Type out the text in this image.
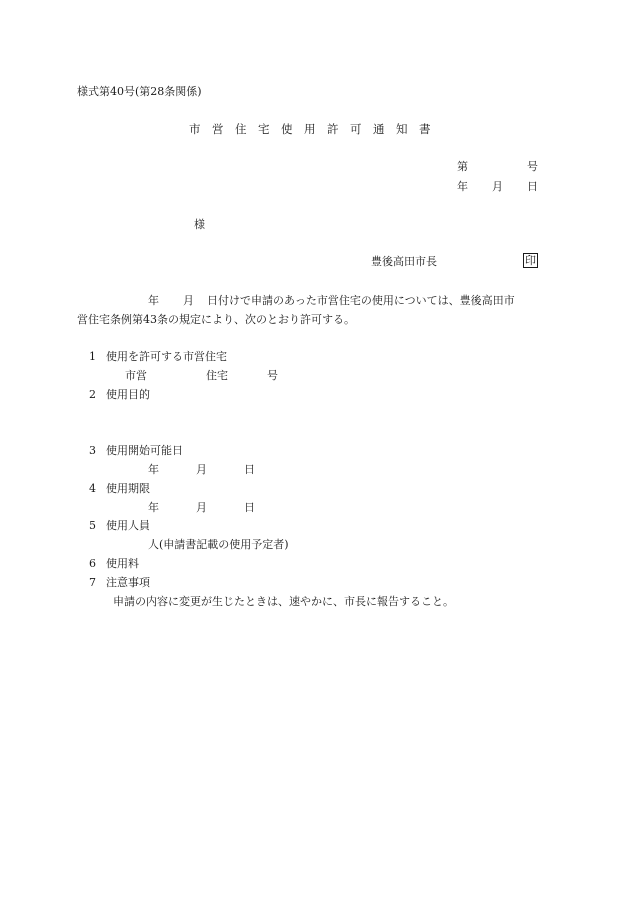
様式第40号(第28条関係)
市　営　住　宅　使　用　許　可　通　知　書
第	号
年 月 日
様
豊後高田市長	印
年 月 日付けで申請のあった市営住宅の使用については、豊後高田市
営住宅条例第43条の規定により、次のとおり許可する。
1 使用を許可する市営住宅
市営	住宅	号
2 使用目的
3 使用開始可能日
年	月	日
4 使用期限
年	月	日
5 使用人員
人(申請書記載の使用予定者)
6 使用料
7 注意事項
申請の内容に変更が生じたときは、速やかに、市長に報告すること。
